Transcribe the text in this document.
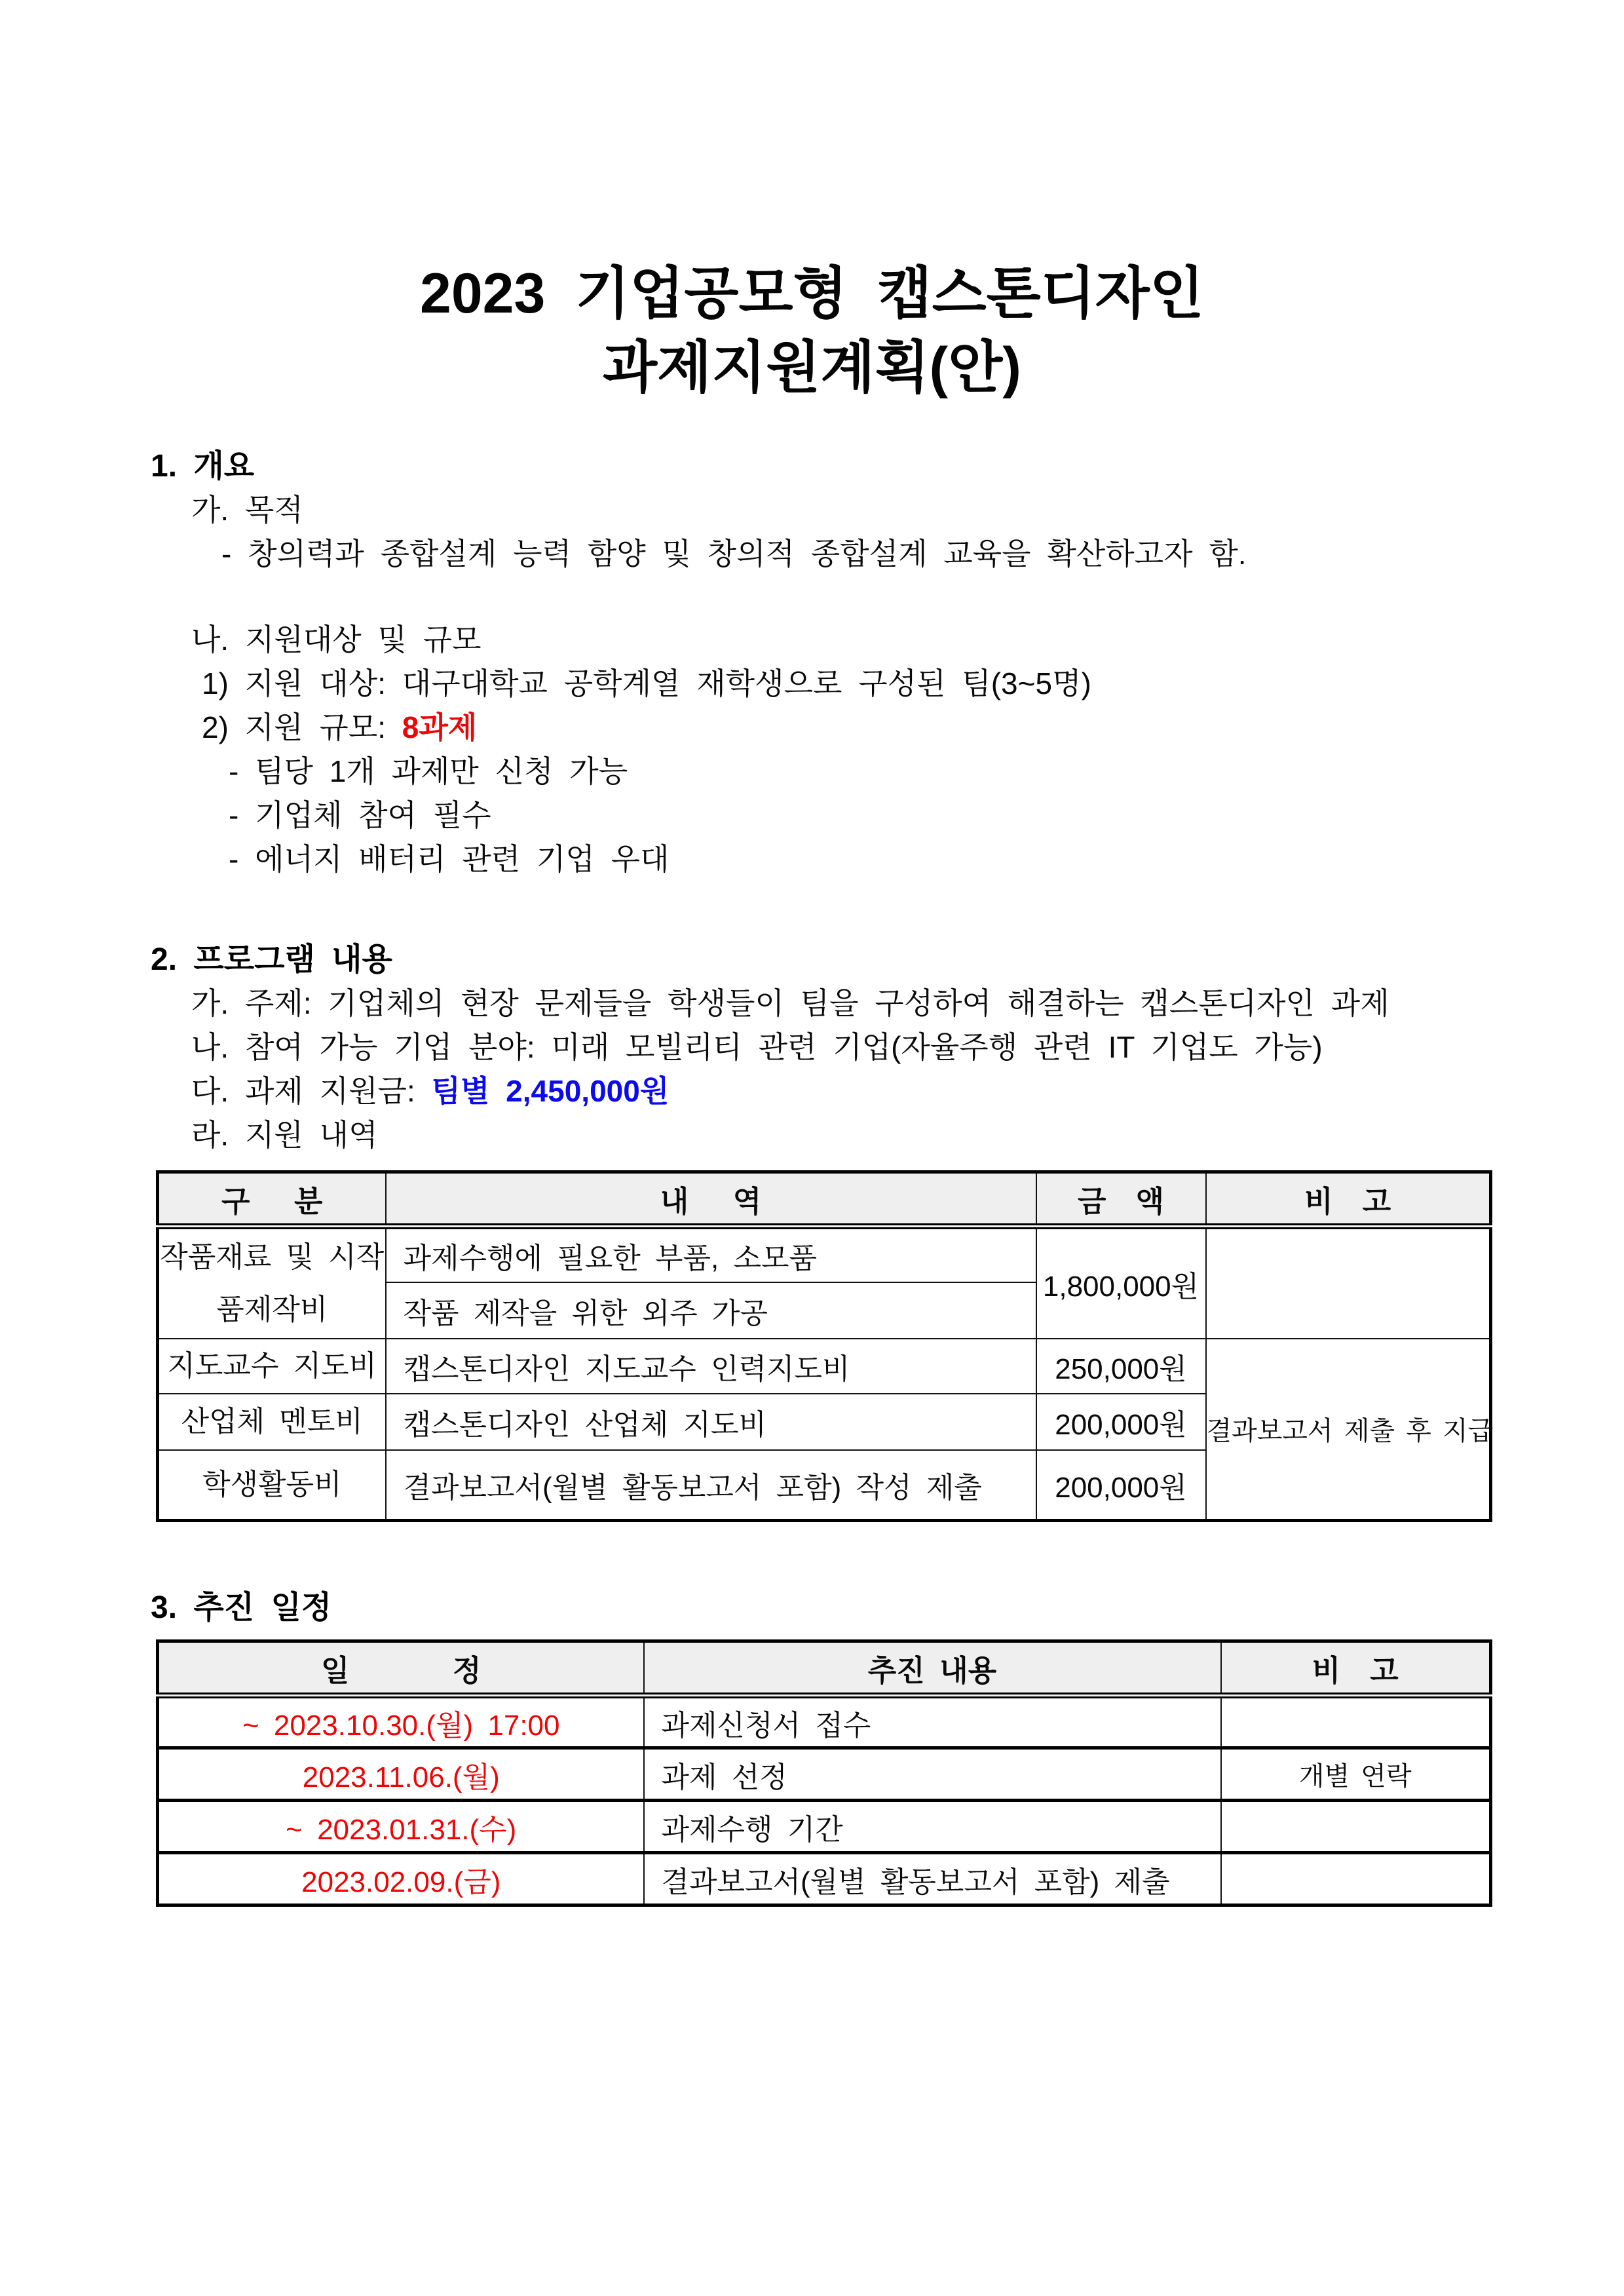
2023 기업공모형 캡스톤디자인
과제지원계획(안)
1. 개요
가. 목적
- 창의력과 종합설계 능력 함양 및 창의적 종합설계 교육을 확산하고자 함.
나. 지원대상 및 규모
1) 지원 대상: 대구대학교 공학계열 재학생으로 구성된 팀(3~5명)
2) 지원 규모: 8과제
- 팀당 1개 과제만 신청 가능
- 기업체 참여 필수
- 에너지 배터리 관련 기업 우대
2. 프로그램 내용
가. 주제: 기업체의 현장 문제들을 학생들이 팀을 구성하여 해결하는 캡스톤디자인 과제
나. 참여 가능 기업 분야: 미래 모빌리티 관련 기업(자율주행 관련 IT 기업도 가능)
다. 과제 지원금: 팀별 2,450,000원
라. 지원 내역
구   분	내   역	금  액	비  고
작품재료 및 시작품제작비	과제수행에 필요한 부품, 소모품	1,800,000원	
	작품 제작을 위한 외주 가공		
지도교수 지도비	캡스톤디자인 지도교수 인력지도비	250,000원	결과보고서 제출 후 지급
산업체 멘토비	캡스톤디자인 산업체 지도비	200,000원	
학생활동비	결과보고서(월별 활동보고서 포함) 작성 제출	200,000원	
3. 추진 일정
일       정	추진 내용	비  고
~ 2023.10.30.(월) 17:00	과제신청서 접수	
2023.11.06.(월)	과제 선정	개별 연락
~ 2023.01.31.(수)	과제수행 기간	
2023.02.09.(금)	결과보고서(월별 활동보고서 포함) 제출	
